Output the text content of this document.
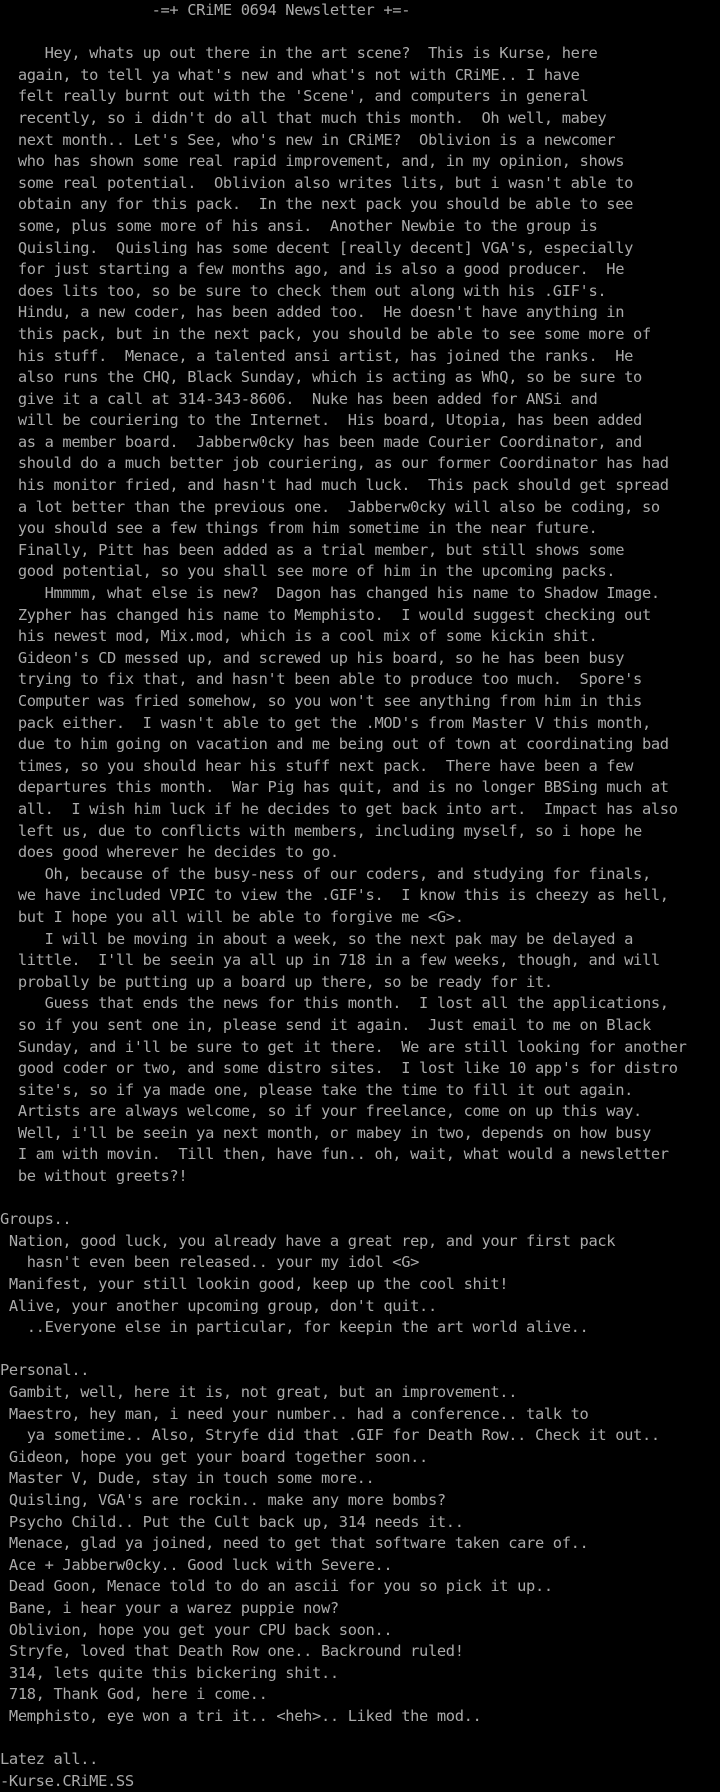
-=+ CRiME 0694 Newsletter +=-
Hey, whats up out there in the art scene?  This is Kurse, here
again, to tell ya what's new and what's not with CRiME.. I have
felt really burnt out with the 'Scene', and computers in general
recently, so i didn't do all that much this month.  Oh well, mabey
next month.. Let's See, who's new in CRiME?  Oblivion is a newcomer
who has shown some real rapid improvement, and, in my opinion, shows
some real potential.  Oblivion also writes lits, but i wasn't able to
obtain any for this pack.  In the next pack you should be able to see
some, plus some more of his ansi.  Another Newbie to the group is
Quisling.  Quisling has some decent [really decent] VGA's, especially
for just starting a few months ago, and is also a good producer.  He
does lits too, so be sure to check them out along with his .GIF's.
Hindu, a new coder, has been added too.  He doesn't have anything in
this pack, but in the next pack, you should be able to see some more of
his stuff.  Menace, a talented ansi artist, has joined the ranks.  He
also runs the CHQ, Black Sunday, which is acting as WhQ, so be sure to
give it a call at 314-343-8606.  Nuke has been added for ANSi and
will be couriering to the Internet.  His board, Utopia, has been added
as a member board.  Jabberw0cky has been made Courier Coordinator, and
should do a much better job couriering, as our former Coordinator has had
his monitor fried, and hasn't had much luck.  This pack should get spread
a lot better than the previous one.  Jabberw0cky will also be coding, so
you should see a few things from him sometime in the near future.
Finally, Pitt has been added as a trial member, but still shows some
good potential, so you shall see more of him in the upcoming packs.
Hmmmm, what else is new?  Dagon has changed his name to Shadow Image.
Zypher has changed his name to Memphisto.  I would suggest checking out
his newest mod, Mix.mod, which is a cool mix of some kickin shit.
Gideon's CD messed up, and screwed up his board, so he has been busy
trying to fix that, and hasn't been able to produce too much.  Spore's
Computer was fried somehow, so you won't see anything from him in this
pack either.  I wasn't able to get the .MOD's from Master V this month,
due to him going on vacation and me being out of town at coordinating bad
times, so you should hear his stuff next pack.  There have been a few
departures this month.  War Pig has quit, and is no longer BBSing much at
all.  I wish him luck if he decides to get back into art.  Impact has also
left us, due to conflicts with members, including myself, so i hope he
does good wherever he decides to go.
Oh, because of the busy-ness of our coders, and studying for finals,
we have included VPIC to view the .GIF's.  I know this is cheezy as hell,
but I hope you all will be able to forgive me <G>.
I will be moving in about a week, so the next pak may be delayed a
little.  I'll be seein ya all up in 718 in a few weeks, though, and will
probally be putting up a board up there, so be ready for it.
Guess that ends the news for this month.  I lost all the applications,
so if you sent one in, please send it again.  Just email to me on Black
Sunday, and i'll be sure to get it there.  We are still looking for another
good coder or two, and some distro sites.  I lost like 10 app's for distro
site's, so if ya made one, please take the time to fill it out again.
Artists are always welcome, so if your freelance, come on up this way.
Well, i'll be seein ya next month, or mabey in two, depends on how busy
I am with movin.  Till then, have fun.. oh, wait, what would a newsletter
be without greets?!
Groups..
Nation, good luck, you already have a great rep, and your first pack
hasn't even been released.. your my idol <G>
Manifest, your still lookin good, keep up the cool shit!
Alive, your another upcoming group, don't quit..
..Everyone else in particular, for keepin the art world alive..
Personal..
Gambit, well, here it is, not great, but an improvement..
Maestro, hey man, i need your number.. had a conference.. talk to
ya sometime.. Also, Stryfe did that .GIF for Death Row.. Check it out..
Gideon, hope you get your board together soon..
Master V, Dude, stay in touch some more..
Quisling, VGA's are rockin.. make any more bombs?
Psycho Child.. Put the Cult back up, 314 needs it..
Menace, glad ya joined, need to get that software taken care of..
Ace + Jabberw0cky.. Good luck with Severe..
Dead Goon, Menace told to do an ascii for you so pick it up..
Bane, i hear your a warez puppie now?
Oblivion, hope you get your CPU back soon..
Stryfe, loved that Death Row one.. Backround ruled!
314, lets quite this bickering shit..
718, Thank God, here i come..
Memphisto, eye won a tri it.. <heh>.. Liked the mod..
Latez all..
-Kurse.CRiME.SS
